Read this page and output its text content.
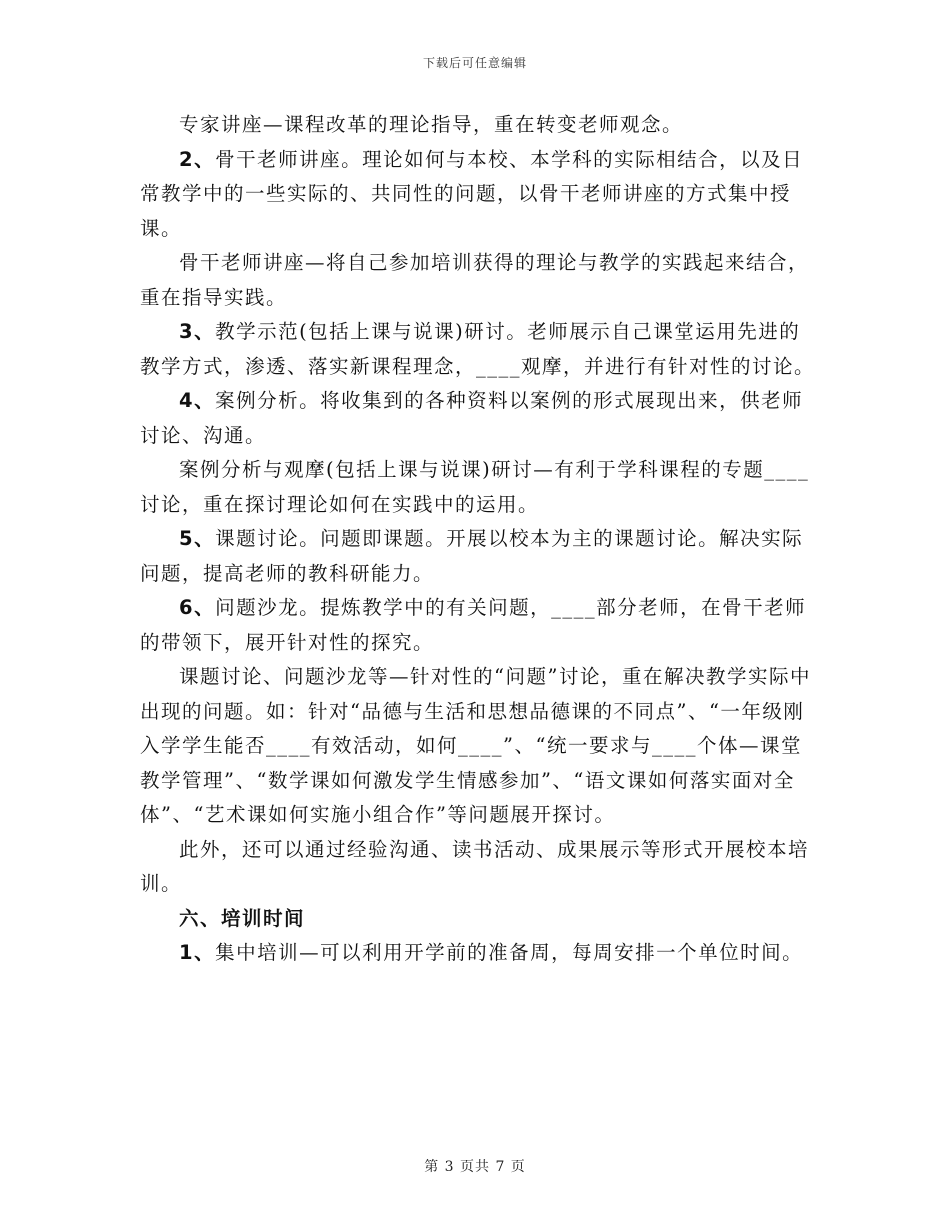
下载后可任意编辑

专家讲座—课程改革的理论指导，重在转变老师观念。

2、骨干老师讲座。理论如何与本校、本学科的实际相结合，以及日常教学中的一些实际的、共同性的问题，以骨干老师讲座的方式集中授课。

骨干老师讲座—将自己参加培训获得的理论与教学的实践起来结合，重在指导实践。

3、教学示范(包括上课与说课)研讨。老师展示自己课堂运用先进的教学方式，渗透、落实新课程理念，____观摩，并进行有针对性的讨论。

4、案例分析。将收集到的各种资料以案例的形式展现出来，供老师讨论、沟通。

案例分析与观摩(包括上课与说课)研讨—有利于学科课程的专题____讨论，重在探讨理论如何在实践中的运用。

5、课题讨论。问题即课题。开展以校本为主的课题讨论。解决实际问题，提高老师的教科研能力。

6、问题沙龙。提炼教学中的有关问题，____部分老师，在骨干老师的带领下，展开针对性的探究。

课题讨论、问题沙龙等—针对性的“问题”讨论，重在解决教学实际中出现的问题。如：针对“品德与生活和思想品德课的不同点”、“一年级刚入学学生能否____有效活动，如何____”、“统一要求与____个体—课堂教学管理”、“数学课如何激发学生情感参加”、“语文课如何落实面对全体”、“艺术课如何实施小组合作”等问题展开探讨。

此外，还可以通过经验沟通、读书活动、成果展示等形式开展校本培训。

六、培训时间

1、集中培训—可以利用开学前的准备周，每周安排一个单位时间。

第 3 页共 7 页
